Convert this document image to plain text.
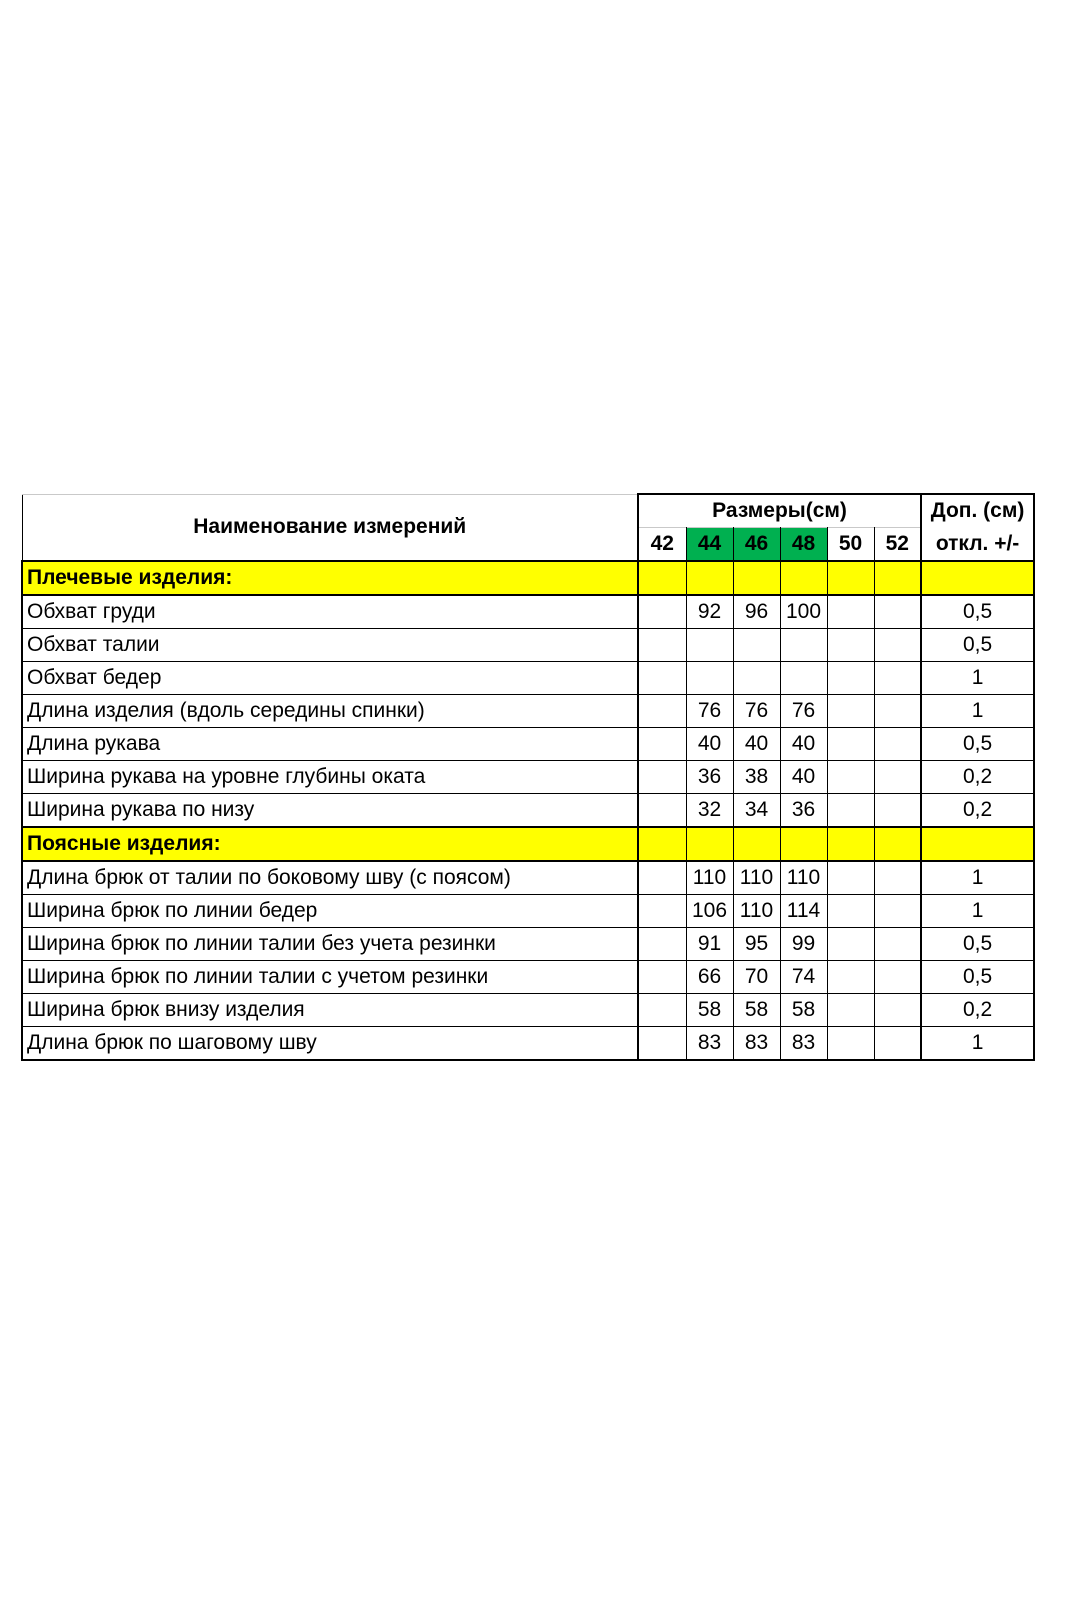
Наименование измерений	Размеры(см)						Доп. (см)
	42	44	46	48	50	52	откл. +/-
Плечевые изделия:							
Обхват груди		92	96	100			0,5
Обхват талии							0,5
Обхват бедер							1
Длина изделия (вдоль середины спинки)		76	76	76			1
Длина рукава		40	40	40			0,5
Ширина рукава на уровне глубины оката		36	38	40			0,2
Ширина рукава по низу		32	34	36			0,2
Поясные изделия:							
Длина брюк от талии по боковому шву (с поясом)		110	110	110			1
Ширина брюк по линии бедер		106	110	114			1
Ширина брюк по линии талии без учета резинки		91	95	99			0,5
Ширина брюк по линии талии с учетом резинки		66	70	74			0,5
Ширина брюк внизу изделия		58	58	58			0,2
Длина брюк по шаговому шву		83	83	83			1
